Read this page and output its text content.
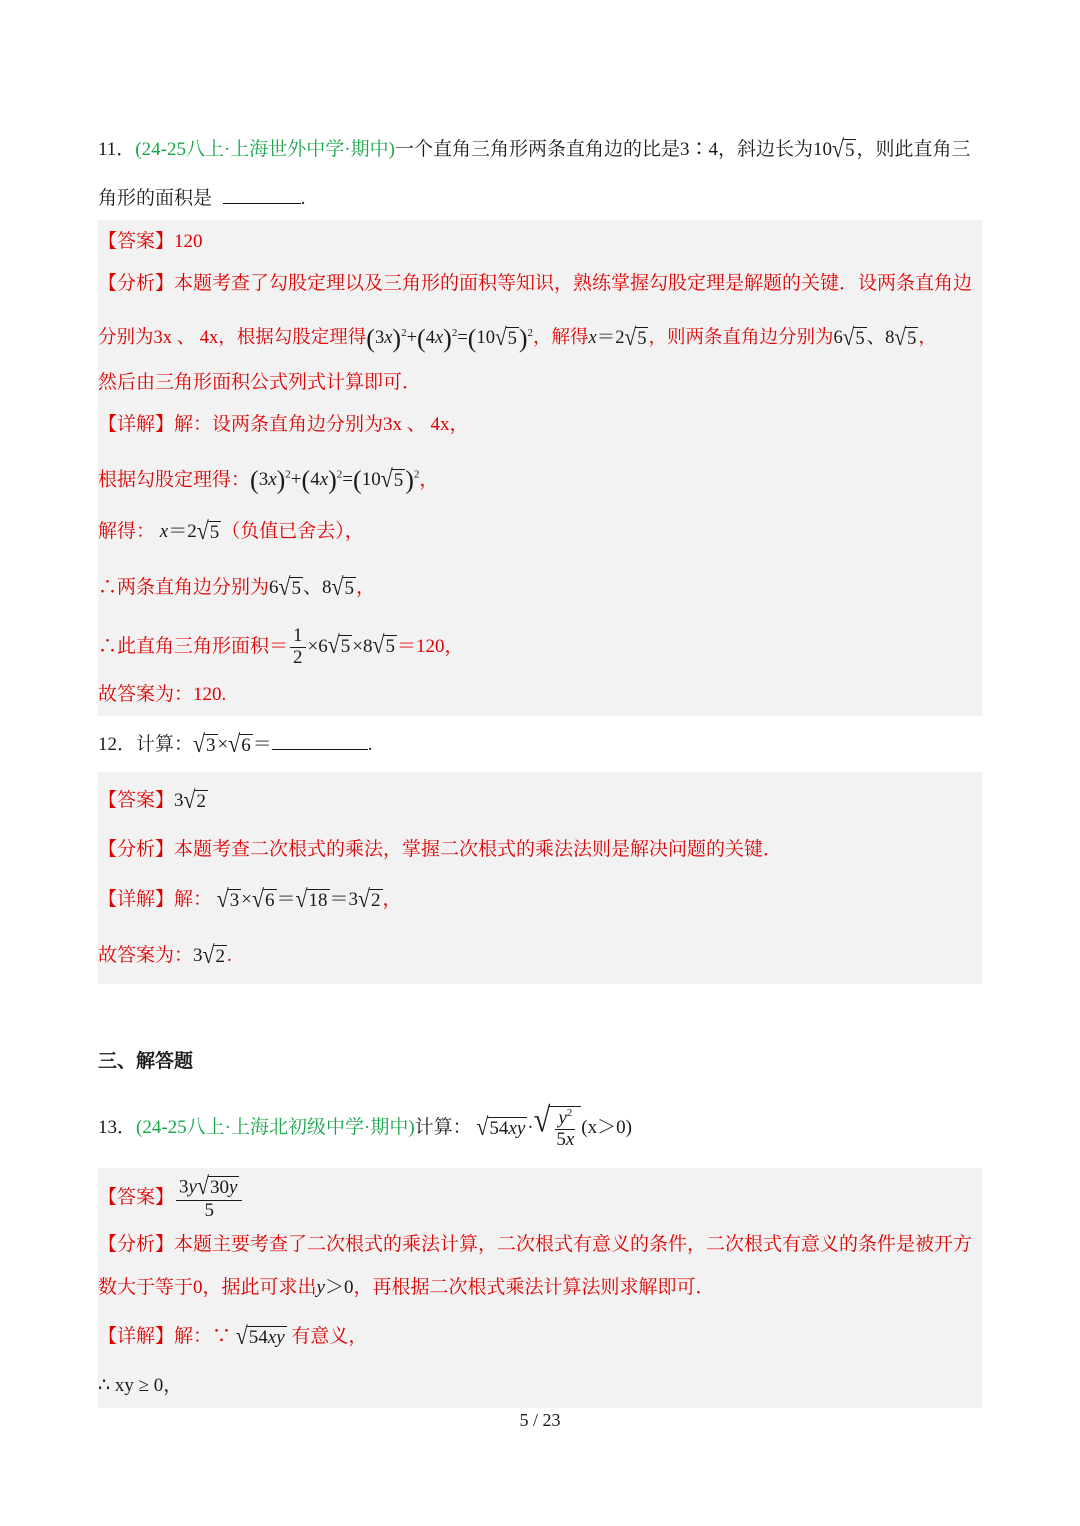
11．(24-25八上·上海世外中学·期中)一个直角三角形两条直角边的比是3∶4，斜边长为10 √ 5 ，则此直角三
角形的面积是	.
【答案】120
【分析】本题考查了勾股定理以及三角形的面积等知识，熟练掌握勾股定理是解题的关键．设两条直角边
分别为3x 、 4x，根据勾股定理得$(3x)^2+(4x)^2=(10$ √ 5 )$^2$，解得x＝2 √ 5 ，则两条直角边分别为6 √ 5 、8 √ 5 ，
然后由三角形面积公式列式计算即可．
【详解】解：设两条直角边分别为3x 、 4x，
根据勾股定理得：$(3x)^2+(4x)^2=(10$ √ 5 )$^2$，
解得： x＝2 √ 5 （负值已舍去），
∴两条直角边分别为6 √ 5 、8 √ 5 ，
∴此直角三角形面积＝ $\frac{1}{2} \times 6$ √ 5 ×8 √ 5 ＝120，
故答案为：120.
12．计算： √ 3 × √ 6 ＝	.
【答案】3 √ 2
【分析】本题考查二次根式的乘法，掌握二次根式的乘法法则是解决问题的关键．
【详解】解： √ 3 × √ 6 ＝ √ 18 ＝3 √ 2 ，
故答案为：3 √ 2 .
三、解答题
13．(24-25八上·上海北初级中学·期中)计算： √ 54xy · √ $\frac{y^2}{5x} (x>0)$
【答案】 $\frac{3y √ 30y}{5}$
【分析】本题主要考查了二次根式的乘法计算，二次根式有意义的条件，二次根式有意义的条件是被开方
数大于等于0，据此可求出y＞0，再根据二次根式乘法计算法则求解即可．
【详解】解：∵ √ 54xy 有意义，
∴ xy ≥ 0，
5 / 23
